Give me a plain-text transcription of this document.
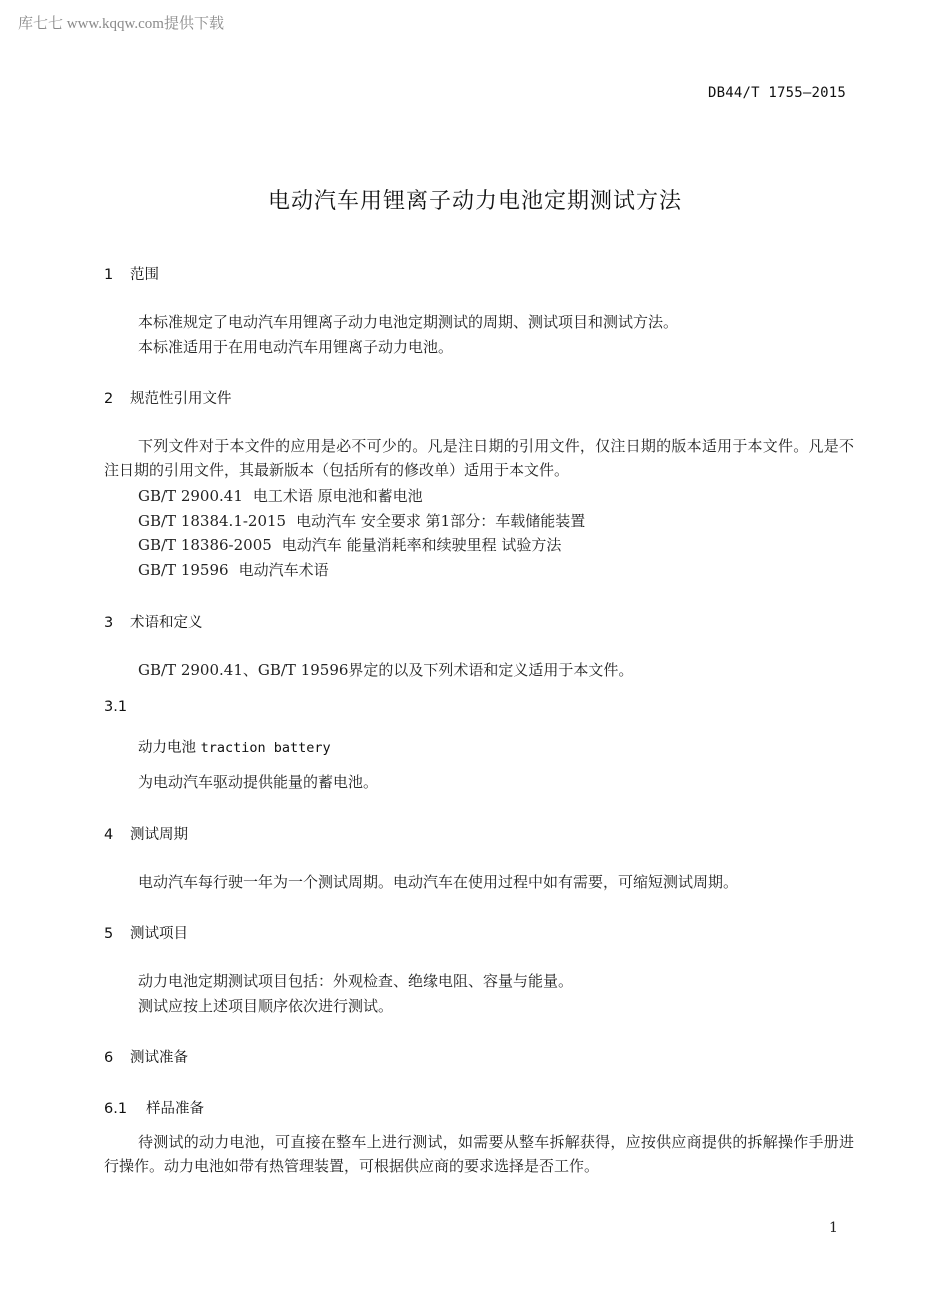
库七七 www.kqqw.com提供下载
DB44/T 1755—2015
电动汽车用锂离子动力电池定期测试方法
1 范围
本标准规定了电动汽车用锂离子动力电池定期测试的周期、测试项目和测试方法。
本标准适用于在用电动汽车用锂离子动力电池。
2 规范性引用文件
下列文件对于本文件的应用是必不可少的。凡是注日期的引用文件，仅注日期的版本适用于本文件。凡是不注日期的引用文件，其最新版本（包括所有的修改单）适用于本文件。
GB/T 2900.41 电工术语 原电池和蓄电池
GB/T 18384.1-2015 电动汽车 安全要求 第1部分：车载储能装置
GB/T 18386-2005 电动汽车 能量消耗率和续驶里程 试验方法
GB/T 19596 电动汽车术语
3 术语和定义
GB/T 2900.41、GB/T 19596界定的以及下列术语和定义适用于本文件。
3.1
动力电池 traction battery
为电动汽车驱动提供能量的蓄电池。
4 测试周期
电动汽车每行驶一年为一个测试周期。电动汽车在使用过程中如有需要，可缩短测试周期。
5 测试项目
动力电池定期测试项目包括：外观检查、绝缘电阻、容量与能量。
测试应按上述项目顺序依次进行测试。
6 测试准备
6.1 样品准备
待测试的动力电池，可直接在整车上进行测试，如需要从整车拆解获得，应按供应商提供的拆解操作手册进行操作。动力电池如带有热管理装置，可根据供应商的要求选择是否工作。
1
